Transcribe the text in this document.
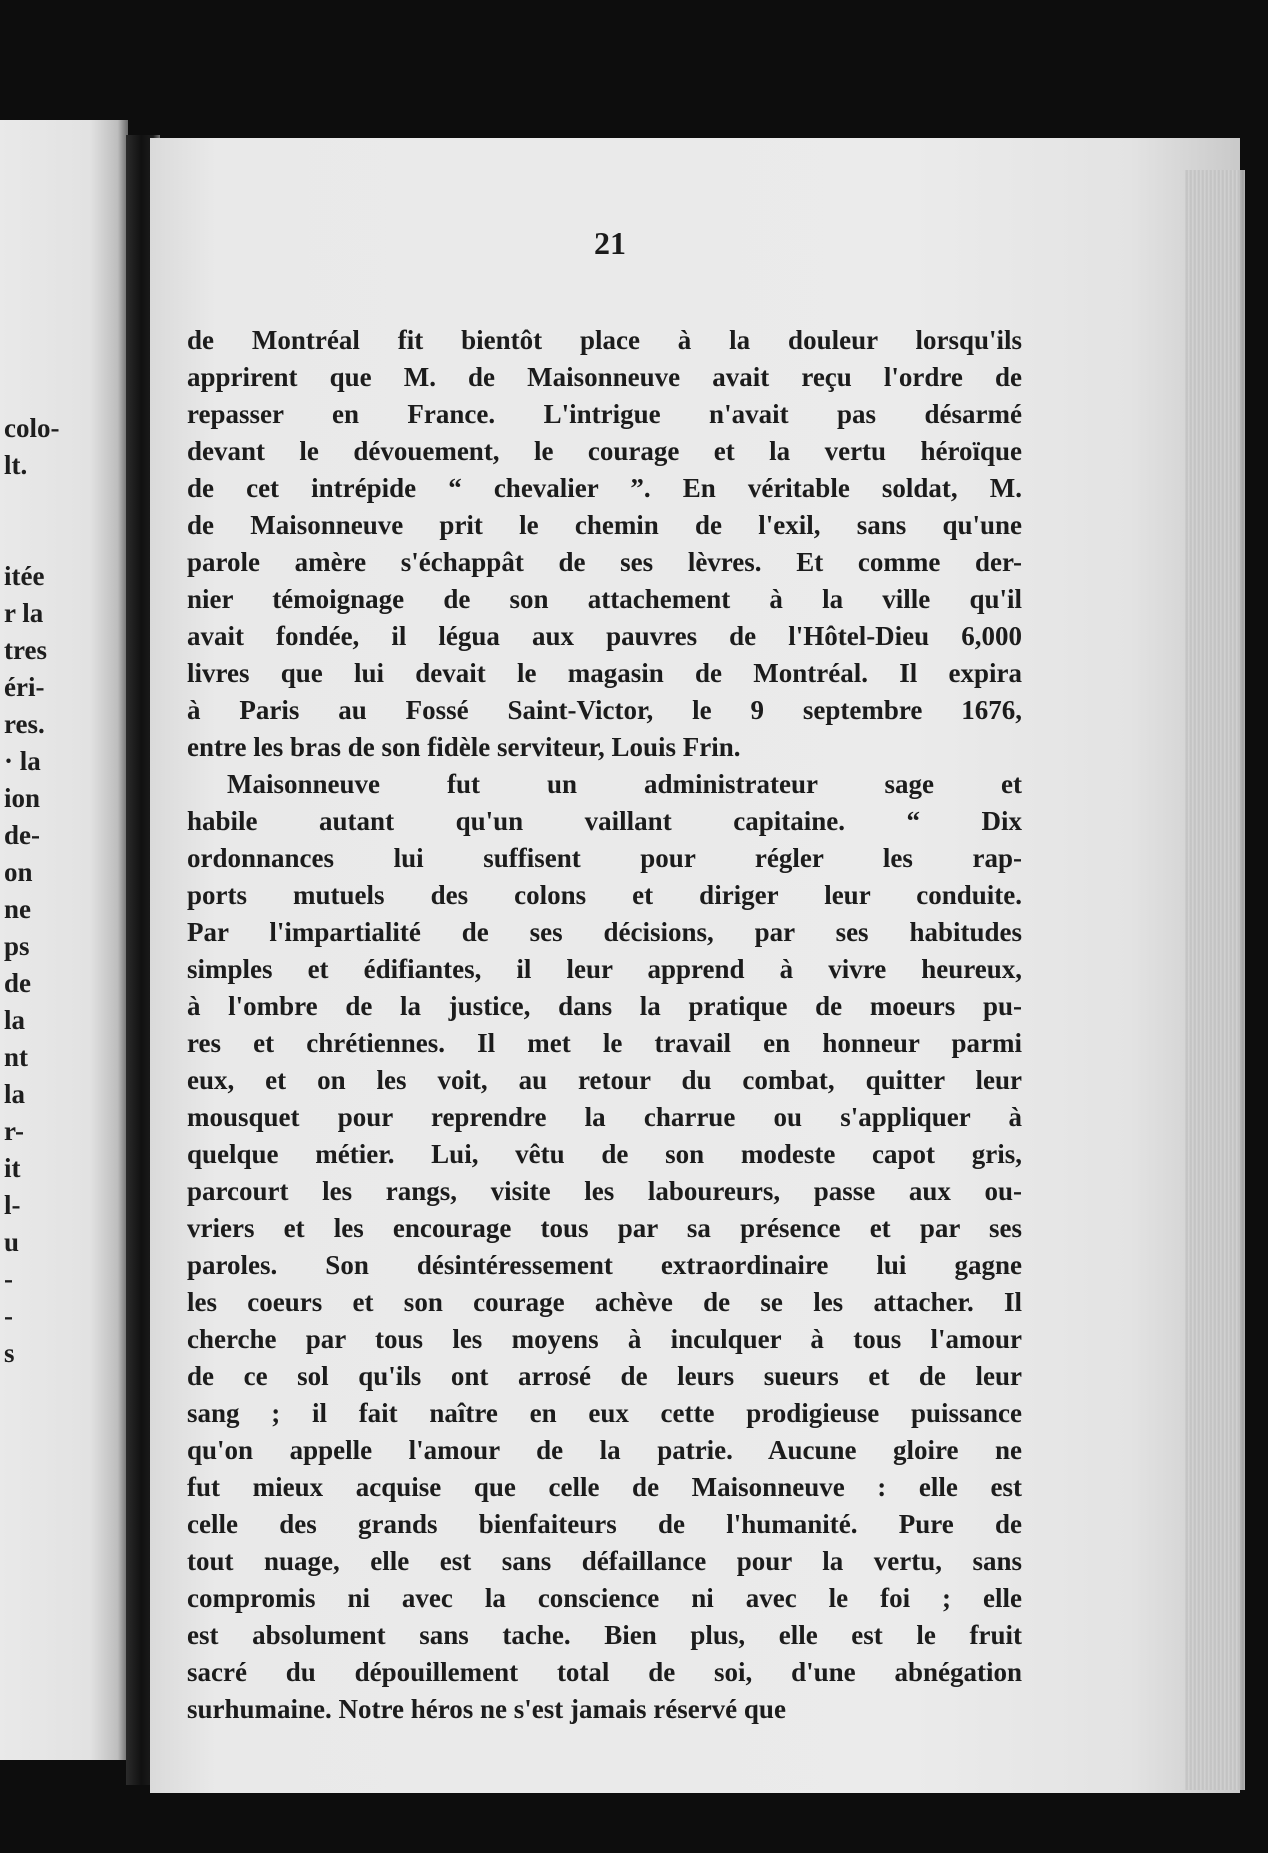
colo-
lt.
itée
r la
tres
éri-
res.
· la
ion
de-
on
ne
ps
de
la
nt
la
r-
it
l-
u
-
-
s
21
de Montréal fit bientôt place à la douleur lorsqu'ils
apprirent que M. de Maisonneuve avait reçu l'ordre de
repasser en France. L'intrigue n'avait pas désarmé
devant le dévouement, le courage et la vertu héroïque
de cet intrépide “ chevalier ”. En véritable soldat, M.
de Maisonneuve prit le chemin de l'exil, sans qu'une
parole amère s'échappât de ses lèvres. Et comme der-
nier témoignage de son attachement à la ville qu'il
avait fondée, il légua aux pauvres de l'Hôtel-Dieu 6,000
livres que lui devait le magasin de Montréal. Il expira
à Paris au Fossé Saint-Victor, le 9 septembre 1676,
entre les bras de son fidèle serviteur, Louis Frin.
Maisonneuve fut un administrateur sage et
habile autant qu'un vaillant capitaine. “ Dix
ordonnances lui suffisent pour régler les rap-
ports mutuels des colons et diriger leur conduite.
Par l'impartialité de ses décisions, par ses habitudes
simples et édifiantes, il leur apprend à vivre heureux,
à l'ombre de la justice, dans la pratique de moeurs pu-
res et chrétiennes. Il met le travail en honneur parmi
eux, et on les voit, au retour du combat, quitter leur
mousquet pour reprendre la charrue ou s'appliquer à
quelque métier. Lui, vêtu de son modeste capot gris,
parcourt les rangs, visite les laboureurs, passe aux ou-
vriers et les encourage tous par sa présence et par ses
paroles. Son désintéressement extraordinaire lui gagne
les coeurs et son courage achève de se les attacher. Il
cherche par tous les moyens à inculquer à tous l'amour
de ce sol qu'ils ont arrosé de leurs sueurs et de leur
sang ; il fait naître en eux cette prodigieuse puissance
qu'on appelle l'amour de la patrie. Aucune gloire ne
fut mieux acquise que celle de Maisonneuve : elle est
celle des grands bienfaiteurs de l'humanité. Pure de
tout nuage, elle est sans défaillance pour la vertu, sans
compromis ni avec la conscience ni avec le foi ; elle
est absolument sans tache. Bien plus, elle est le fruit
sacré du dépouillement total de soi, d'une abnégation
surhumaine. Notre héros ne s'est jamais réservé que
